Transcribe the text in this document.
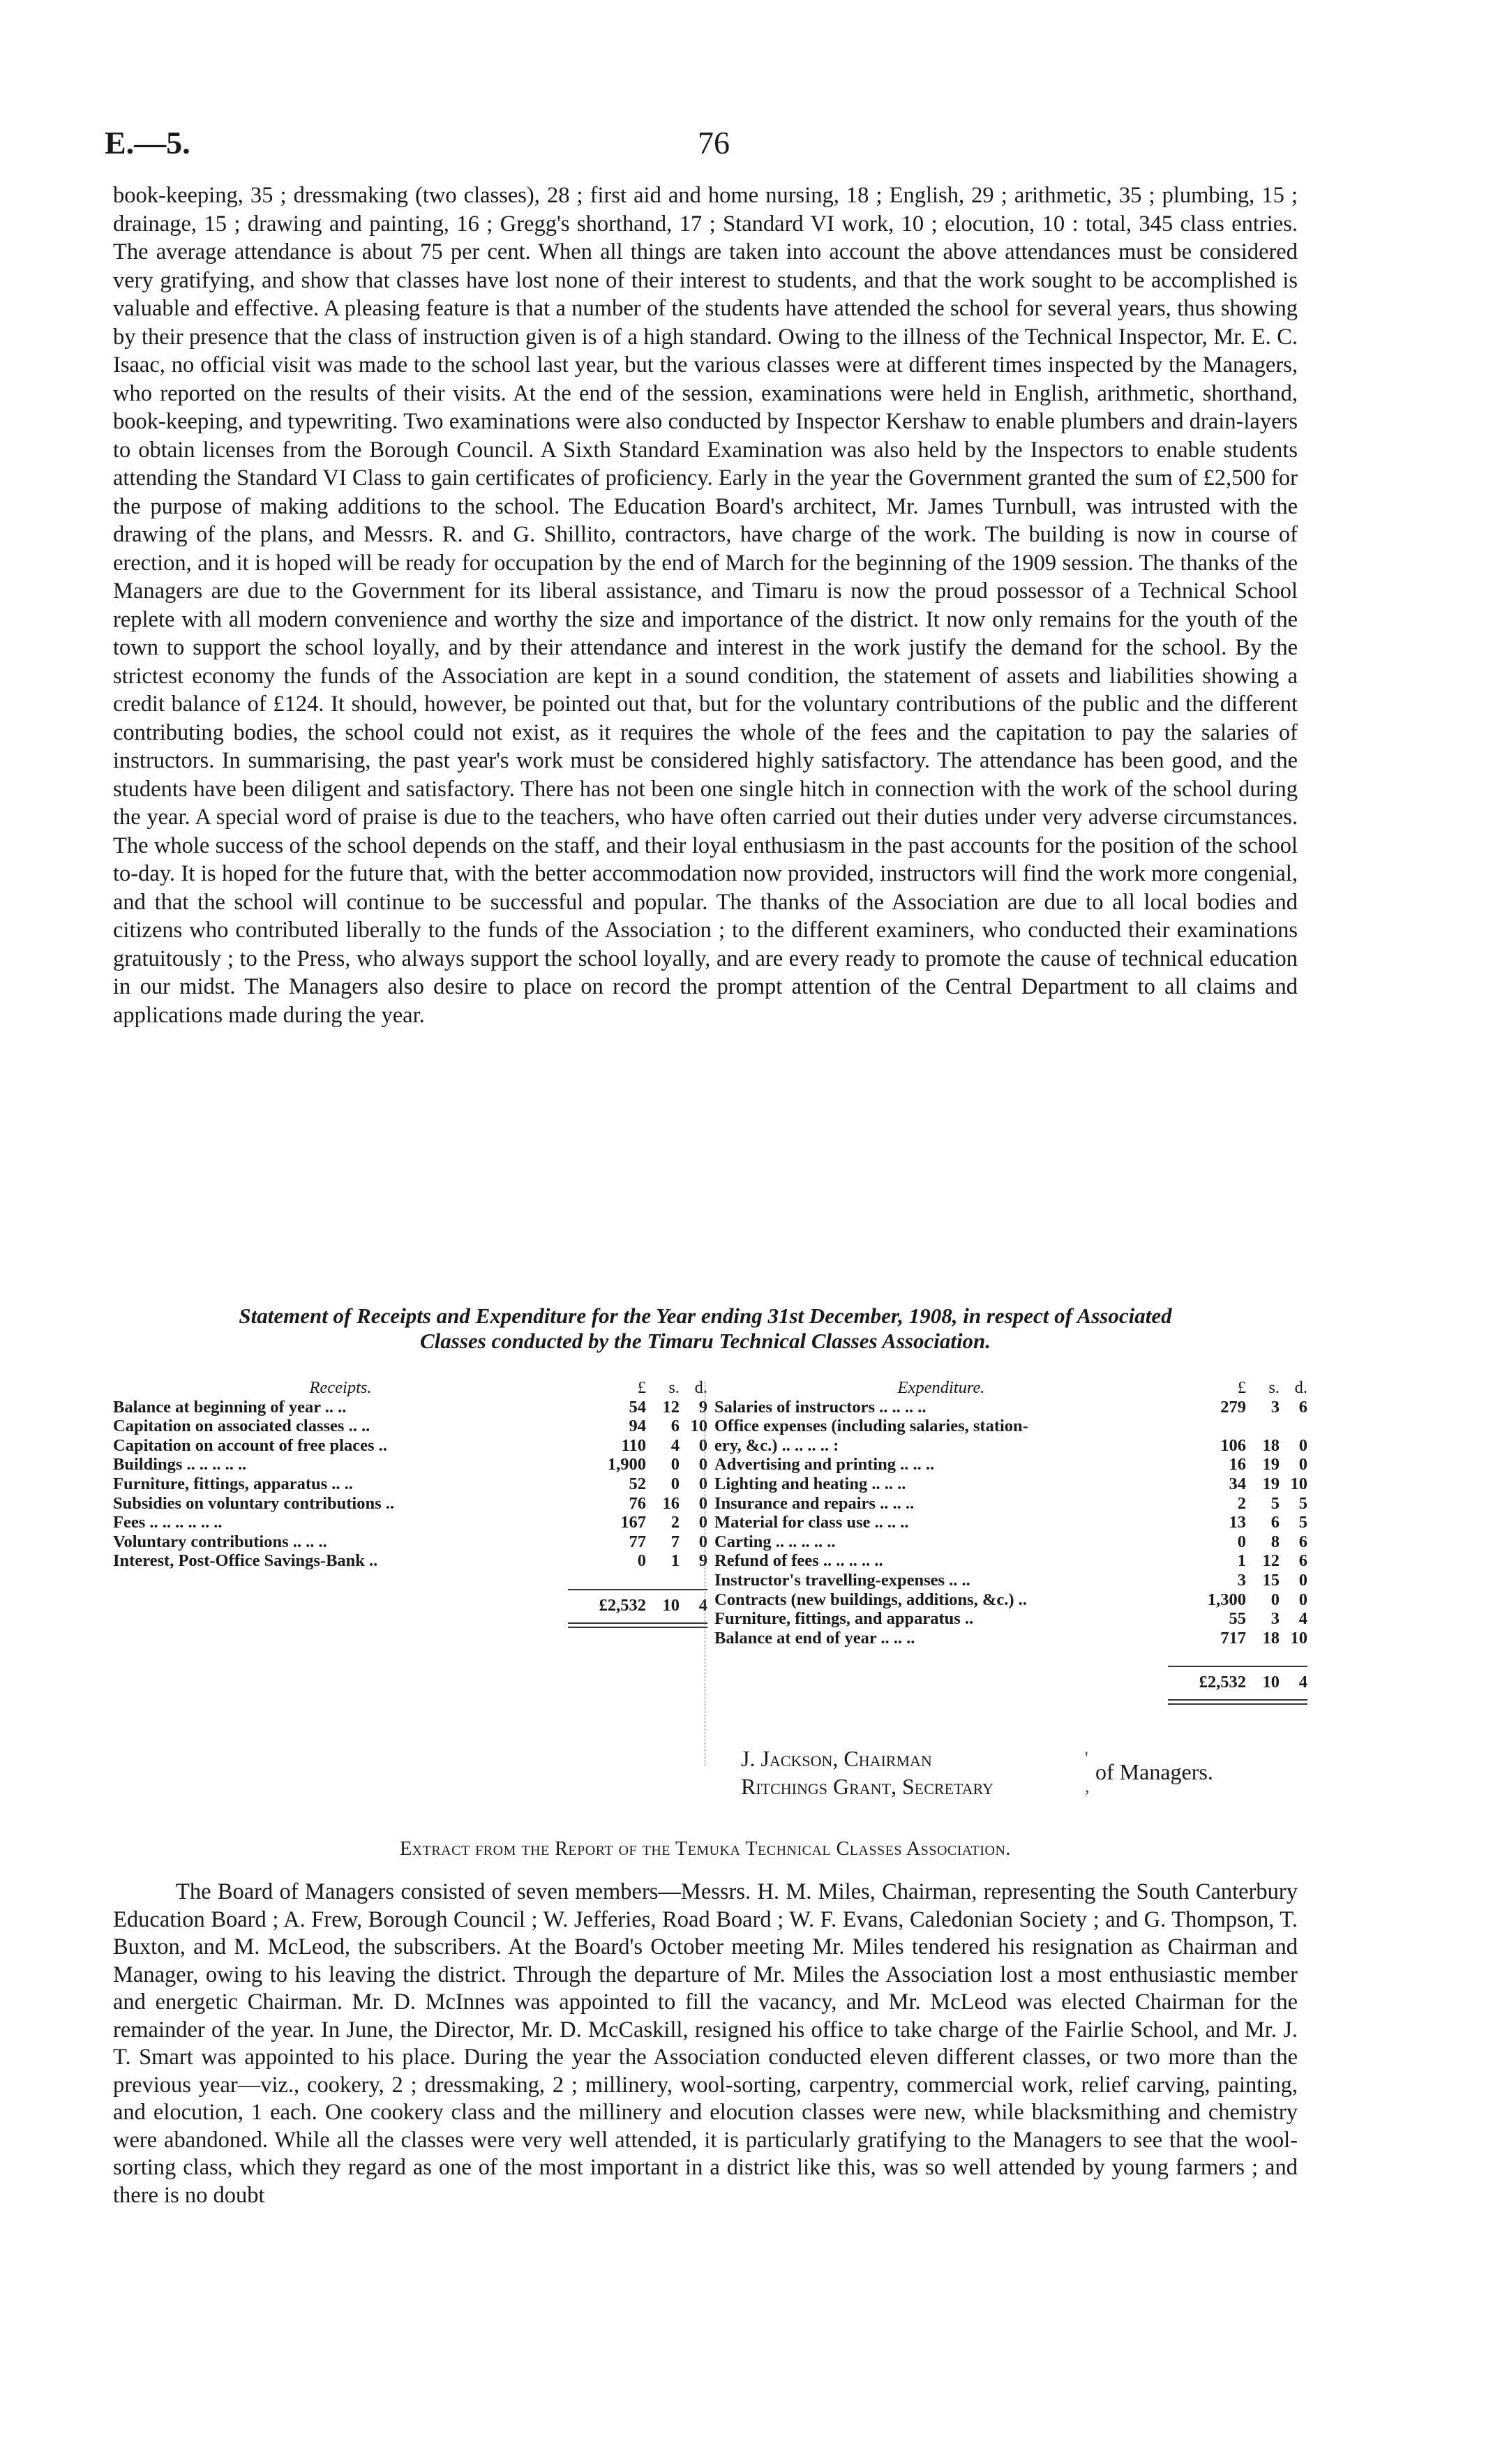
E.—5.	76

book-keeping, 35 ; dressmaking (two classes), 28 ; first aid and home nursing, 18 ; English, 29 ; arithmetic, 35 ; plumbing, 15 ; drainage, 15 ; drawing and painting, 16 ; Gregg's shorthand, 17 ; Standard VI work, 10 ; elocution, 10 : total, 345 class entries. The average attendance is about 75 per cent. When all things are taken into account the above attendances must be considered very gratifying, and show that classes have lost none of their interest to students, and that the work sought to be accomplished is valuable and effective. A pleasing feature is that a number of the students have attended the school for several years, thus showing by their presence that the class of instruction given is of a high standard. Owing to the illness of the Technical Inspector, Mr. E. C. Isaac, no official visit was made to the school last year, but the various classes were at different times inspected by the Managers, who reported on the results of their visits. At the end of the session, examinations were held in English, arithmetic, shorthand, book-keeping, and typewriting. Two examinations were also conducted by Inspector Kershaw to enable plumbers and drain-layers to obtain licenses from the Borough Council. A Sixth Standard Examination was also held by the Inspectors to enable students attending the Standard VI Class to gain certificates of proficiency. Early in the year the Government granted the sum of £2,500 for the purpose of making additions to the school. The Education Board's architect, Mr. James Turnbull, was intrusted with the drawing of the plans, and Messrs. R. and G. Shillito, contractors, have charge of the work. The building is now in course of erection, and it is hoped will be ready for occupation by the end of March for the beginning of the 1909 session. The thanks of the Managers are due to the Government for its liberal assistance, and Timaru is now the proud possessor of a Technical School replete with all modern convenience and worthy the size and importance of the district. It now only remains for the youth of the town to support the school loyally, and by their attendance and interest in the work justify the demand for the school. By the strictest economy the funds of the Association are kept in a sound condition, the statement of assets and liabilities showing a credit balance of £124. It should, however, be pointed out that, but for the voluntary contributions of the public and the different contributing bodies, the school could not exist, as it requires the whole of the fees and the capitation to pay the salaries of instructors. In summarising, the past year's work must be considered highly satisfactory. The attendance has been good, and the students have been diligent and satisfactory. There has not been one single hitch in connection with the work of the school during the year. A special word of praise is due to the teachers, who have often carried out their duties under very adverse circumstances. The whole success of the school depends on the staff, and their loyal enthusiasm in the past accounts for the position of the school to-day. It is hoped for the future that, with the better accommodation now provided, instructors will find the work more congenial, and that the school will continue to be successful and popular. The thanks of the Association are due to all local bodies and citizens who contributed liberally to the funds of the Association ; to the different examiners, who conducted their examinations gratuitously ; to the Press, who always support the school loyally, and are every ready to promote the cause of technical education in our midst. The Managers also desire to place on record the prompt attention of the Central Department to all claims and applications made during the year.

Statement of Receipts and Expenditure for the Year ending 31st December, 1908, in respect of Associated
Classes conducted by the Timaru Technical Classes Association.
Receipts.	£	s. d.
Balance at beginning of year .. ..	54 12	9
Capitation on associated classes .. ..	94	6 10
Capitation on account of free places ..	110	4	0
Buildings .. .. .. .. ..	1,900	0	0
Furniture, fittings, apparatus .. ..	52	0	0
Subsidies on voluntary contributions ..	76 16	0
Fees .. .. .. .. .. ..	167	2	0
Voluntary contributions .. .. ..	77	7	0
Interest, Post-Office Savings-Bank ..	0	1	9
£2,532 10	4
Expenditure.	£	s. d.
Salaries of instructors .. .. .. ..	279	3	6
Office expenses (including salaries, station-
ery, &c.) .. .. .. .. :	106 18	0
Advertising and printing .. .. ..	16 19	0
Lighting and heating .. .. ..	34 19 10
Insurance and repairs .. .. ..	2	5	5
Material for class use .. .. ..	13	6	5
Carting .. .. .. .. ..	0	8	6
Refund of fees .. .. .. .. ..	1 12	6
Instructor's travelling-expenses .. ..	3 15	0
Contracts (new buildings, additions, &c.) ..	1,300	0	0
Furniture, fittings, and apparatus ..	55	3	4
Balance at end of year .. .. ..	717 18 10
£2,532 10	4
J. Jackson, Chairman
Ritchings Grant, Secretary
'
,
of Managers.
Extract from the Report of the Temuka Technical Classes Association.

The Board of Managers consisted of seven members—Messrs. H. M. Miles, Chairman, representing the South Canterbury Education Board ; A. Frew, Borough Council ; W. Jefferies, Road Board ; W. F. Evans, Caledonian Society ; and G. Thompson, T. Buxton, and M. McLeod, the subscribers. At the Board's October meeting Mr. Miles tendered his resignation as Chairman and Manager, owing to his leaving the district. Through the departure of Mr. Miles the Association lost a most enthusiastic member and energetic Chairman. Mr. D. McInnes was appointed to fill the vacancy, and Mr. McLeod was elected Chairman for the remainder of the year. In June, the Director, Mr. D. McCaskill, resigned his office to take charge of the Fairlie School, and Mr. J. T. Smart was appointed to his place. During the year the Association conducted eleven different classes, or two more than the previous year—viz., cookery, 2 ; dressmaking, 2 ; millinery, wool-sorting, carpentry, commercial work, relief carving, painting, and elocution, 1 each. One cookery class and the millinery and elocution classes were new, while blacksmithing and chemistry were abandoned. While all the classes were very well attended, it is particularly gratifying to the Managers to see that the wool-sorting class, which they regard as one of the most important in a district like this, was so well attended by young farmers ; and there is no doubt
